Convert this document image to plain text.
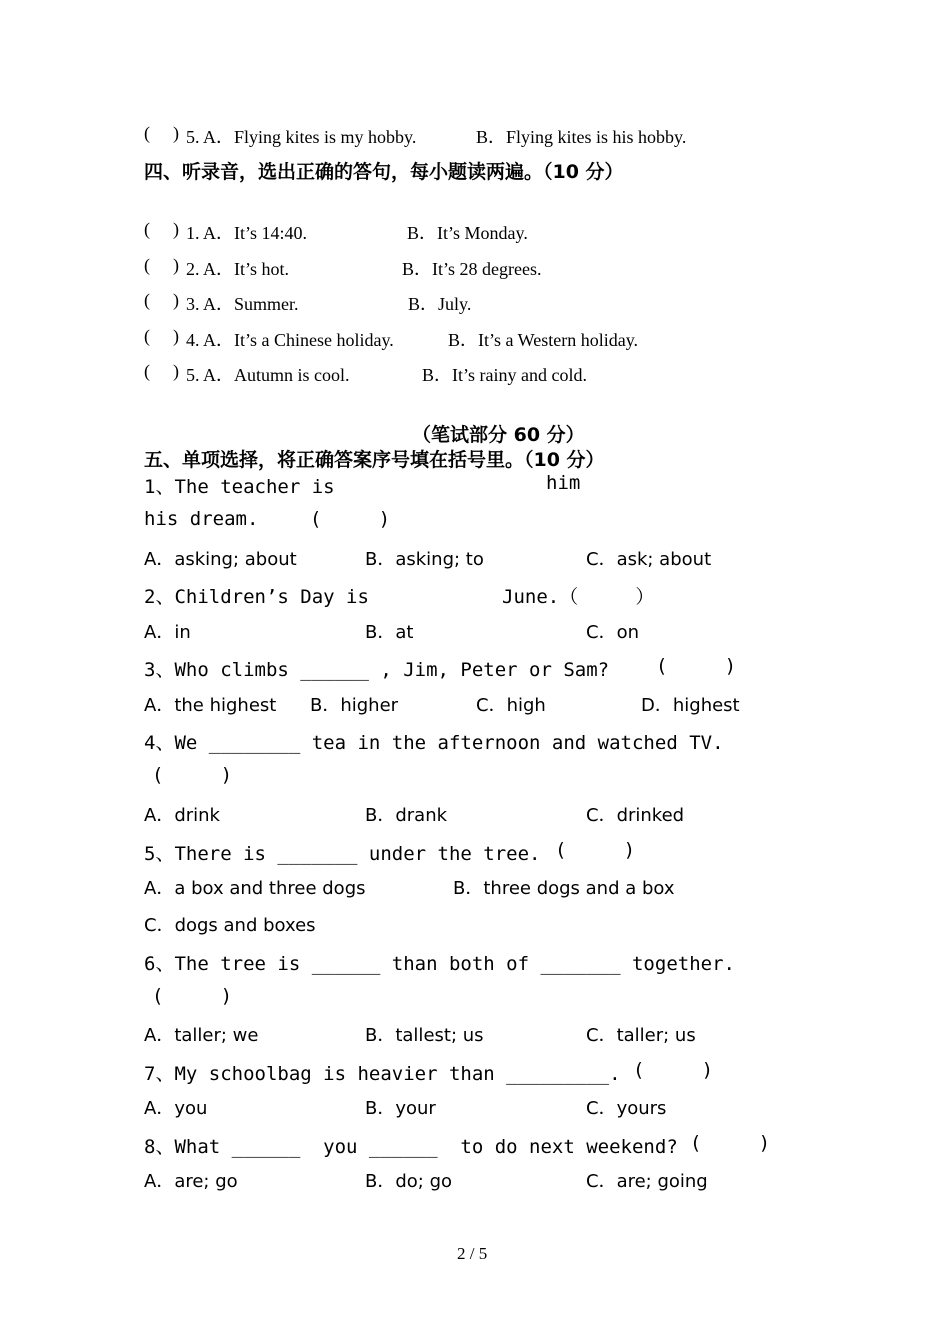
( ) 5. A．Flying kites is my hobby.	B．Flying kites is his hobby.
四、听录音，选出正确的答句，每小题读两遍。（10 分）
( ) 1. A．It’s 14:40.	B．It’s Monday.
( ) 2. A．It’s hot.	B．It’s 28 degrees.
( ) 3. A．Summer.	B．July.
( ) 4. A．It’s a Chinese holiday.	B．It’s a Western holiday.
( ) 5. A．Autumn is cool.	B．It’s rainy and cold.
（笔试部分 60 分）
五、单项选择，将正确答案序号填在括号里。（10 分）
1、The teacher is	him
his dream.	(     )
A．asking; about	B．asking; to	C．ask; about
2、Children’s Day is	June.（     ）
A．in	B．at	C．on
3、Who climbs ______ , Jim, Peter or Sam? (     )
A．the highest B．higher	C．high	D．highest
4、We ________ tea in the afternoon and watched TV.
(     )
A．drink	B．drank	C．drinked
5、There is _______ under the tree. (     )
A．a box and three dogs	B．three dogs and a box
C．dogs and boxes
6、The tree is ______ than both of _______ together.
(     )
A．taller; we	B．tallest; us	C．taller; us
7、My schoolbag is heavier than _________. (     )
A．you	B．your	C．yours
8、What ______  you ______  to do next weekend? (     )
A．are; go	B．do; go	C．are; going
2 / 5
